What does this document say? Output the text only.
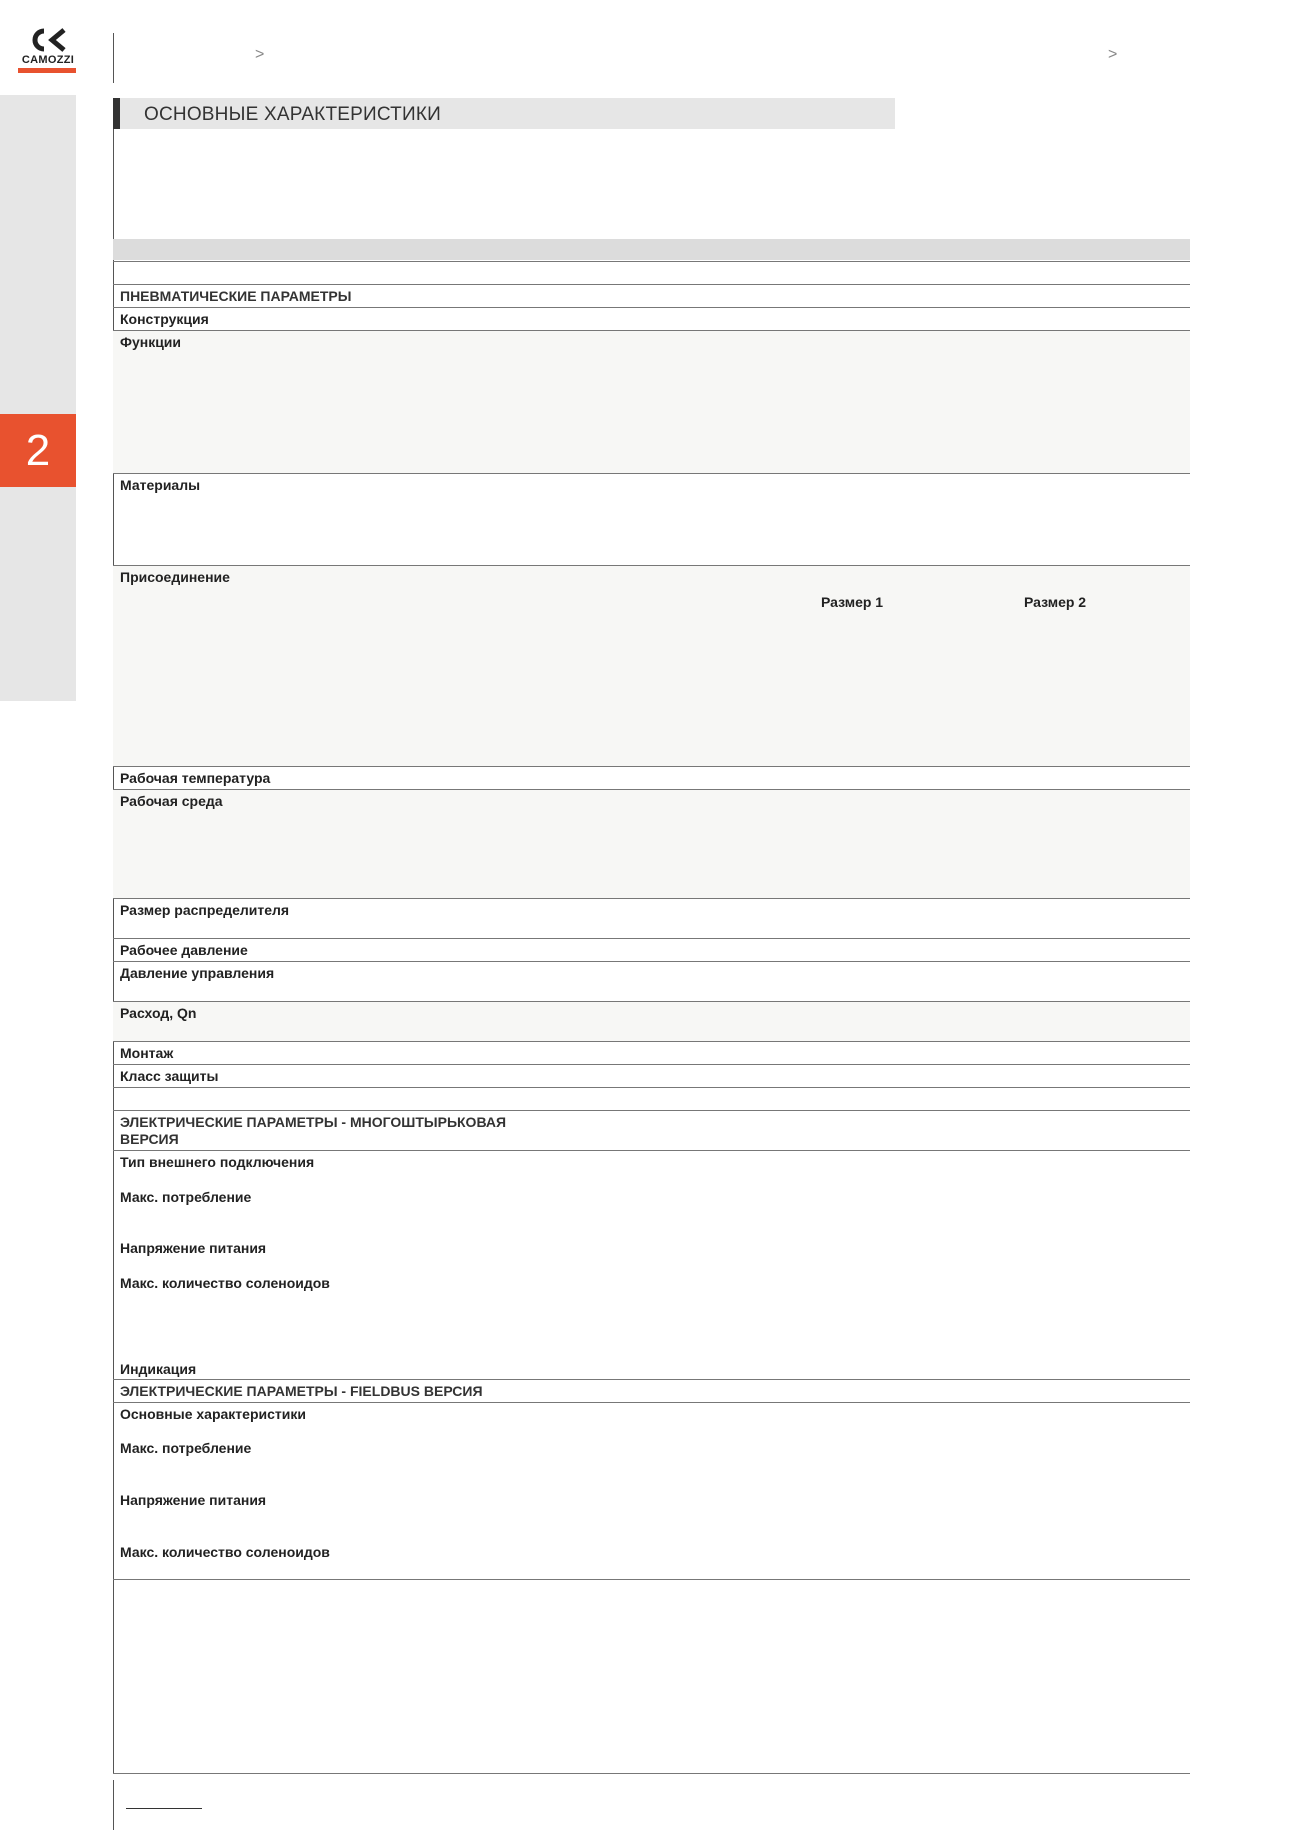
2
CAMOZZI	>	>
ОСНОВНЫЕ ХАРАКТЕРИСТИКИ
ПНЕВМАТИЧЕСКИЕ ПАРАМЕТРЫ
Конструкция
Функции
Материалы
Присоединение
Размер 1	Размер 2
Рабочая температура
Рабочая среда
Размер распределителя
Рабочее давление
Давление управления
Расход, Qn
Монтаж
Класс защиты
ЭЛЕКТРИЧЕСКИЕ ПАРАМЕТРЫ - МНОГОШТЫРЬКОВАЯ ВЕРСИЯ
Тип внешнего подключения
Макс. потребление
Напряжение питания
Макс. количество соленоидов
Индикация
ЭЛЕКТРИЧЕСКИЕ ПАРАМЕТРЫ - FIELDBUS ВЕРСИЯ
Основные характеристики
Макс. потребление
Напряжение питания
Макс. количество соленоидов
